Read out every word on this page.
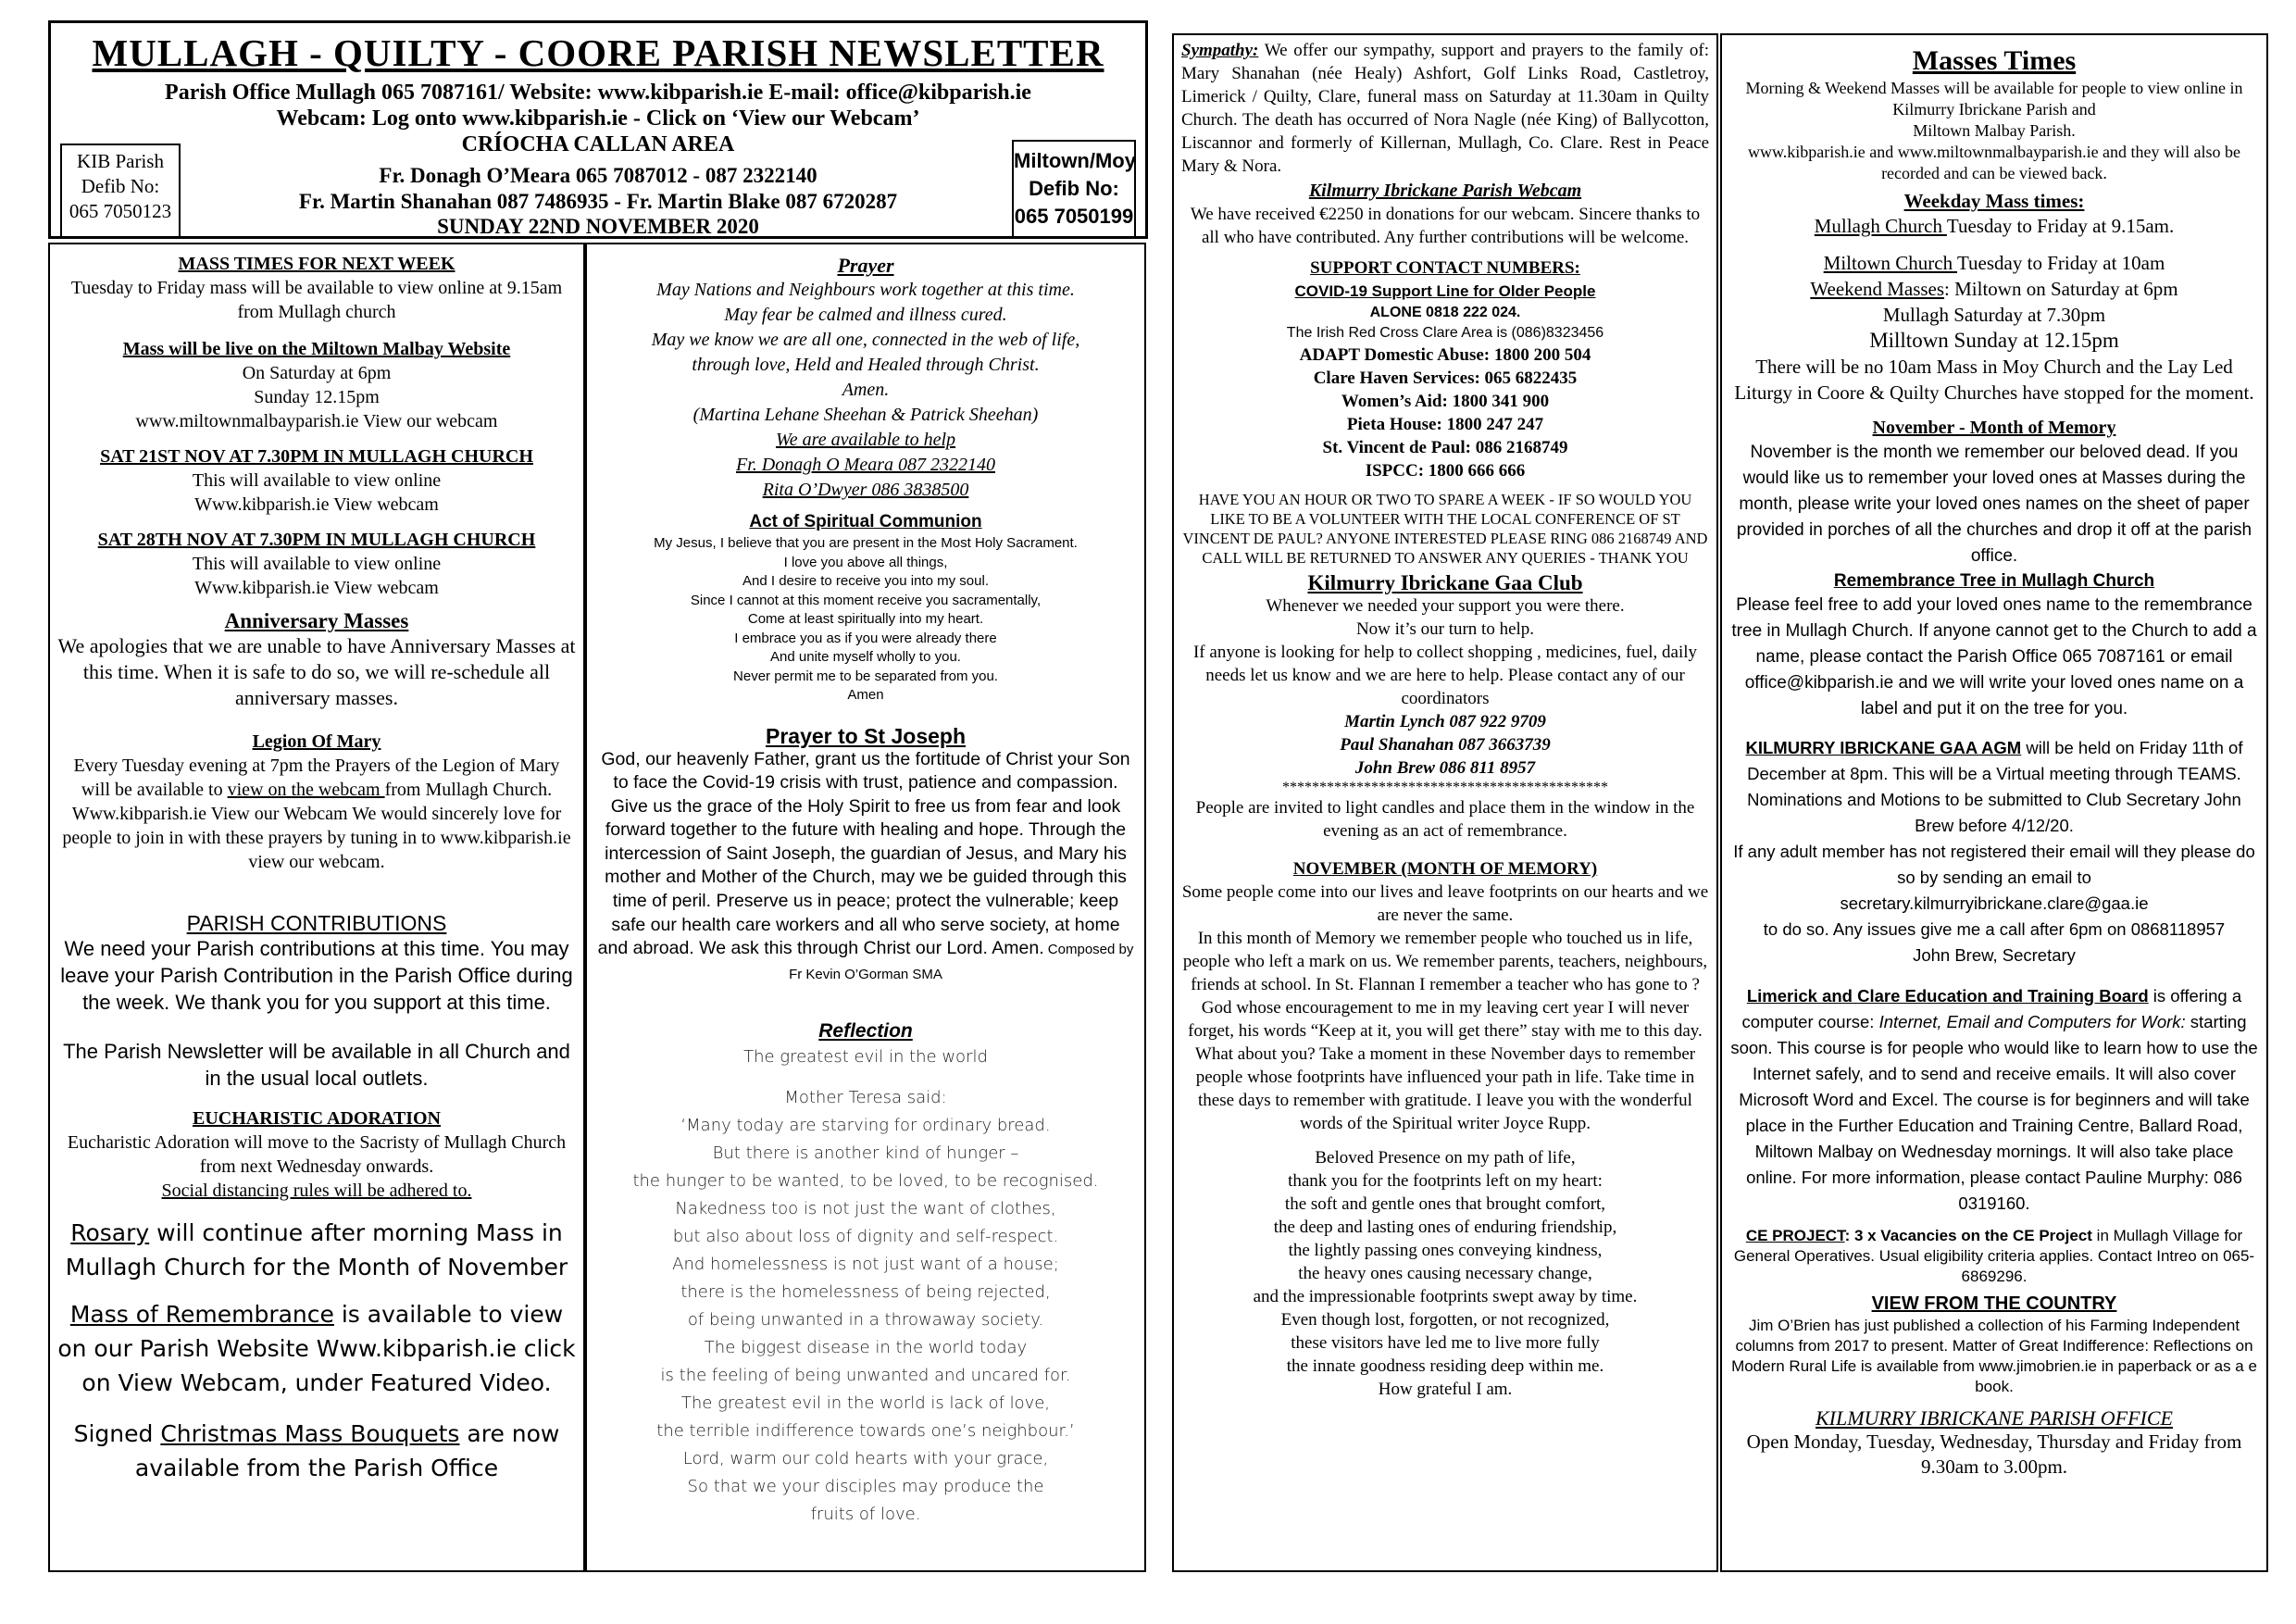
MULLAGH - QUILTY - COORE PARISH NEWSLETTER
Parish Office Mullagh 065 7087161/ Website: www.kibparish.ie E-mail: office@kibparish.ie
Webcam: Log onto www.kibparish.ie - Click on ‘View our Webcam’
CRÍOCHA CALLAN AREA
KIB Parish
Defib No:
065 7050123
Fr. Donagh O’Meara 065 7087012 - 087 2322140
Fr. Martin Shanahan 087 7486935 - Fr. Martin Blake 087 6720287
SUNDAY 22ND NOVEMBER 2020
Miltown/Moy
Defib No:
065 7050199
MASS TIMES FOR NEXT WEEK

Tuesday to Friday mass will be available to view online at 9.15am from Mullagh church

Mass will be live on the Miltown Malbay Website

On Saturday at 6pm

Sunday 12.15pm

www.miltownmalbayparish.ie View our webcam

SAT 21ST NOV AT 7.30PM IN MULLAGH CHURCH

This will available to view online

Www.kibparish.ie View webcam

SAT 28TH NOV AT 7.30PM IN MULLAGH CHURCH

This will available to view online

Www.kibparish.ie View webcam

Anniversary Masses

We apologies that we are unable to have Anniversary Masses at this time. When it is safe to do so, we will re-schedule all anniversary masses.

Legion Of Mary

Every Tuesday evening at 7pm the Prayers of the Legion of Mary will be available to view on the webcam from Mullagh Church. Www.kibparish.ie View our Webcam We would sincerely love for people to join in with these prayers by tuning in to www.kibparish.ie view our webcam.

PARISH CONTRIBUTIONS

We need your Parish contributions at this time. You may leave your Parish Contribution in the Parish Office during the week. We thank you for you support at this time.

The Parish Newsletter will be available in all Church and in the usual local outlets.

EUCHARISTIC ADORATION

Eucharistic Adoration will move to the Sacristy of Mullagh Church from next Wednesday onwards.

Social distancing rules will be adhered to.

Rosary will continue after morning Mass in Mullagh Church for the Month of November

Mass of Remembrance is available to view on our Parish Website Www.kibparish.ie click on View Webcam, under Featured Video.

Signed Christmas Mass Bouquets are now available from the Parish Office

Prayer

May Nations and Neighbours work together at this time.

May fear be calmed and illness cured.

May we know we are all one, connected in the web of life,

through love, Held and Healed through Christ.

Amen.

(Martina Lehane Sheehan & Patrick Sheehan)

We are available to help

Fr. Donagh O Meara 087 2322140

Rita O’Dwyer 086 3838500

Act of Spiritual Communion

My Jesus, I believe that you are present in the Most Holy Sacrament.

I love you above all things,

And I desire to receive you into my soul.

Since I cannot at this moment receive you sacramentally,

Come at least spiritually into my heart.

I embrace you as if you were already there

And unite myself wholly to you.

Never permit me to be separated from you.

Amen

Prayer to St Joseph

God, our heavenly Father, grant us the fortitude of Christ your Son to face the Covid-19 crisis with trust, patience and compassion. Give us the grace of the Holy Spirit to free us from fear and look forward together to the future with healing and hope. Through the intercession of Saint Joseph, the guardian of Jesus, and Mary his mother and Mother of the Church, may we be guided through this time of peril. Preserve us in peace; protect the vulnerable; keep safe our health care workers and all who serve society, at home and abroad. We ask this through Christ our Lord. Amen. Composed by Fr Kevin O’Gorman SMA

Reflection

The greatest evil in the world

Mother Teresa said:

‘Many today are starving for ordinary bread.

But there is another kind of hunger –

the hunger to be wanted, to be loved, to be recognised.

Nakedness too is not just the want of clothes,

but also about loss of dignity and self-respect.

And homelessness is not just want of a house;

there is the homelessness of being rejected,

of being unwanted in a throwaway society.

The biggest disease in the world today

is the feeling of being unwanted and uncared for.

The greatest evil in the world is lack of love,

the terrible indifference towards one’s neighbour.’

Lord, warm our cold hearts with your grace,

So that we your disciples may produce the

fruits of love.

Sympathy: We offer our sympathy, support and prayers to the family of: Mary Shanahan (née Healy) Ashfort, Golf Links Road, Castletroy, Limerick / Quilty, Clare, funeral mass on Saturday at 11.30am in Quilty Church. The death has occurred of Nora Nagle (née King) of Ballycotton, Liscannor and formerly of Killernan, Mullagh, Co. Clare. Rest in Peace Mary & Nora.

Kilmurry Ibrickane Parish Webcam

We have received €2250 in donations for our webcam. Sincere thanks to all who have contributed. Any further contributions will be welcome.

SUPPORT CONTACT NUMBERS:
COVID-19 Support Line for Older People
ALONE 0818 222 024.
The Irish Red Cross Clare Area is (086)8323456

ADAPT Domestic Abuse: 1800 200 504

Clare Haven Services: 065 6822435

Women’s Aid: 1800 341 900

Pieta House: 1800 247 247

St. Vincent de Paul: 086 2168749

ISPCC: 1800 666 666

HAVE YOU AN HOUR OR TWO TO SPARE A WEEK - IF SO WOULD YOU LIKE TO BE A VOLUNTEER WITH THE LOCAL CONFERENCE OF ST VINCENT DE PAUL? ANYONE INTERESTED PLEASE RING 086 2168749 AND CALL WILL BE RETURNED TO ANSWER ANY QUERIES - THANK YOU

Kilmurry Ibrickane Gaa Club

Whenever we needed your support you were there.

Now it’s our turn to help.

If anyone is looking for help to collect shopping , medicines, fuel, daily needs let us know and we are here to help. Please contact any of our coordinators

Martin Lynch 087 922 9709

Paul Shanahan 087 3663739

John Brew 086 811 8957

********************************************

People are invited to light candles and place them in the window in the evening as an act of remembrance.

NOVEMBER (MONTH OF MEMORY)

Some people come into our lives and leave footprints on our hearts and we are never the same.

In this month of Memory we remember people who touched us in life, people who left a mark on us. We remember parents, teachers, neighbours, friends at school. In St. Flannan I remember a teacher who has gone to ?God whose encouragement to me in my leaving cert year I will never forget, his words “Keep at it, you will get there” stay with me to this day.

What about you? Take a moment in these November days to remember people whose footprints have influenced your path in life. Take time in these days to remember with gratitude. I leave you with the wonderful words of the Spiritual writer Joyce Rupp.

Beloved Presence on my path of life,

thank you for the footprints left on my heart:

the soft and gentle ones that brought comfort,

the deep and lasting ones of enduring friendship,

the lightly passing ones conveying kindness,

the heavy ones causing necessary change,

and the impressionable footprints swept away by time.

Even though lost, forgotten, or not recognized,

these visitors have led me to live more fully

the innate goodness residing deep within me.

How grateful I am.

Masses Times

Morning & Weekend Masses will be available for people to view online in Kilmurry Ibrickane Parish and

Miltown Malbay Parish.

www.kibparish.ie and www.miltownmalbayparish.ie and they will also be recorded and can be viewed back.

Weekday Mass times:

Mullagh Church Tuesday to Friday at 9.15am.

Miltown Church Tuesday to Friday at 10am

Weekend Masses: Miltown on Saturday at 6pm

Mullagh Saturday at 7.30pm

Milltown Sunday at 12.15pm

There will be no 10am Mass in Moy Church and the Lay Led Liturgy in Coore & Quilty Churches have stopped for the moment.

November - Month of Memory

November is the month we remember our beloved dead. If you would like us to remember your loved ones at Masses during the month, please write your loved ones names on the sheet of paper provided in porches of all the churches and drop it off at the parish office.

Remembrance Tree in Mullagh Church

Please feel free to add your loved ones name to the remembrance tree in Mullagh Church. If anyone cannot get to the Church to add a name, please contact the Parish Office 065 7087161 or email office@kibparish.ie and we will write your loved ones name on a label and put it on the tree for you.

KILMURRY IBRICKANE GAA AGM will be held on Friday 11th of December at 8pm. This will be a Virtual meeting through TEAMS. Nominations and Motions to be submitted to Club Secretary John Brew before 4/12/20.

If any adult member has not registered their email will they please do so by sending an email to

secretary.kilmurryibrickane.clare@gaa.ie

to do so. Any issues give me a call after 6pm on 0868118957

John Brew, Secretary

Limerick and Clare Education and Training Board is offering a computer course: Internet, Email and Computers for Work: starting soon. This course is for people who would like to learn how to use the Internet safely, and to send and receive emails. It will also cover Microsoft Word and Excel. The course is for beginners and will take place in the Further Education and Training Centre, Ballard Road, Miltown Malbay on Wednesday mornings. It will also take place online. For more information, please contact Pauline Murphy: 086 0319160.

CE PROJECT: 3 x Vacancies on the CE Project in Mullagh Village for General Operatives. Usual eligibility criteria applies. Contact Intreo on 065-6869296.

VIEW FROM THE COUNTRY

Jim O’Brien has just published a collection of his Farming Independent columns from 2017 to present. Matter of Great Indifference: Reflections on Modern Rural Life is available from www.jimobrien.ie in paperback or as a e book.

KILMURRY IBRICKANE PARISH OFFICE

Open Monday, Tuesday, Wednesday, Thursday and Friday from 9.30am to 3.00pm.
